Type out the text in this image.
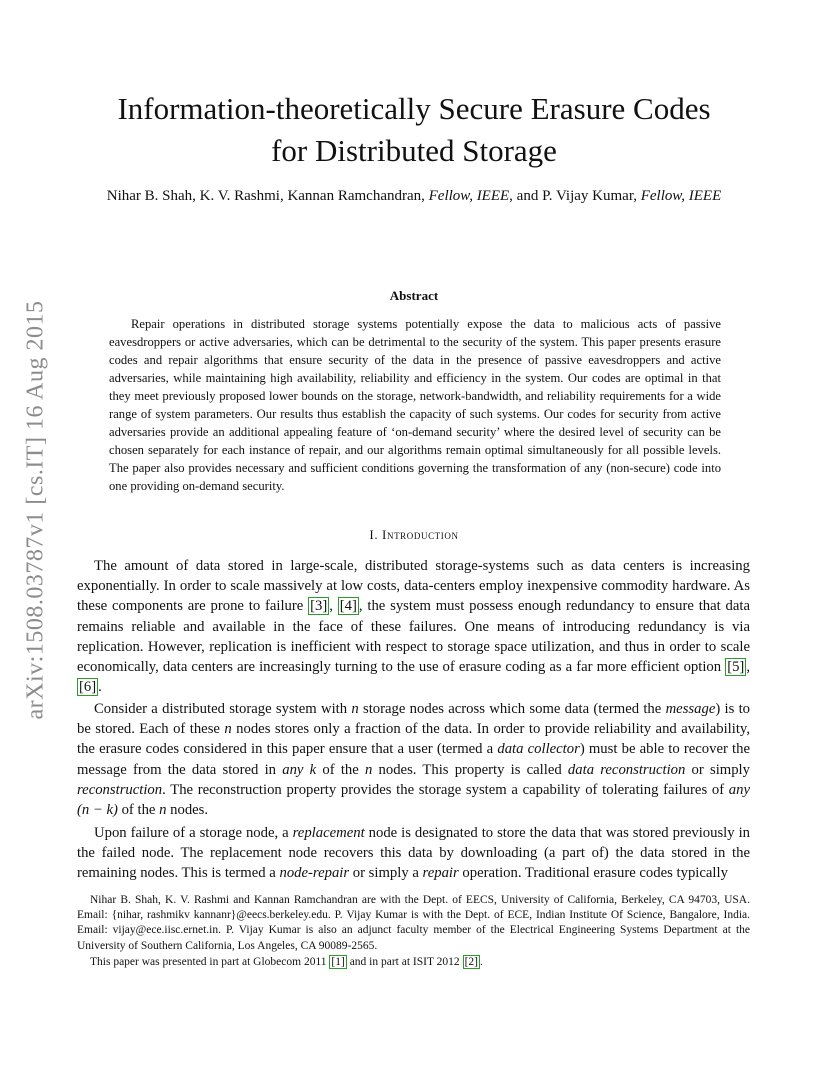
arXiv:1508.03787v1 [cs.IT] 16 Aug 2015
Information-theoretically Secure Erasure Codes
for Distributed Storage
Nihar B. Shah, K. V. Rashmi, Kannan Ramchandran, Fellow, IEEE, and P. Vijay Kumar, Fellow, IEEE
Abstract

Repair operations in distributed storage systems potentially expose the data to malicious acts of passive eavesdroppers or active adversaries, which can be detrimental to the security of the system. This paper presents erasure codes and repair algorithms that ensure security of the data in the presence of passive eavesdroppers and active adversaries, while maintaining high availability, reliability and efficiency in the system. Our codes are optimal in that they meet previously proposed lower bounds on the storage, network-bandwidth, and reliability requirements for a wide range of system parameters. Our results thus establish the capacity of such systems. Our codes for security from active adversaries provide an additional appealing feature of ‘on-demand security’ where the desired level of security can be chosen separately for each instance of repair, and our algorithms remain optimal simultaneously for all possible levels. The paper also provides necessary and sufficient conditions governing the transformation of any (non-secure) code into one providing on-demand security.

I. Introduction

The amount of data stored in large-scale, distributed storage-systems such as data centers is increasing exponentially. In order to scale massively at low costs, data-centers employ inexpensive commodity hardware. As these components are prone to failure [3] , [4] , the system must possess enough redundancy to ensure that data remains reliable and available in the face of these failures. One means of introducing redundancy is via replication. However, replication is inefficient with respect to storage space utilization, and thus in order to scale economically, data centers are increasingly turning to the use of erasure coding as a far more efficient option [5] , [6] .

Consider a distributed storage system with n storage nodes across which some data (termed the message) is to be stored. Each of these n nodes stores only a fraction of the data. In order to provide reliability and availability, the erasure codes considered in this paper ensure that a user (termed a data collector) must be able to recover the message from the data stored in any k of the n nodes. This property is called data reconstruction or simply reconstruction. The reconstruction property provides the storage system a capability of tolerating failures of any (n − k) of the n nodes.

Upon failure of a storage node, a replacement node is designated to store the data that was stored previously in the failed node. The replacement node recovers this data by downloading (a part of) the data stored in the remaining nodes. This is termed a node-repair or simply a repair operation. Traditional erasure codes typically

Nihar B. Shah, K. V. Rashmi and Kannan Ramchandran are with the Dept. of EECS, University of California, Berkeley, CA 94703, USA. Email: {nihar, rashmikv kannanr}@eecs.berkeley.edu. P. Vijay Kumar is with the Dept. of ECE, Indian Institute Of Science, Bangalore, India. Email: vijay@ece.iisc.ernet.in. P. Vijay Kumar is also an adjunct faculty member of the Electrical Engineering Systems Department at the University of Southern California, Los Angeles, CA 90089-2565.

This paper was presented in part at Globecom 2011 [1] and in part at ISIT 2012 [2] .
